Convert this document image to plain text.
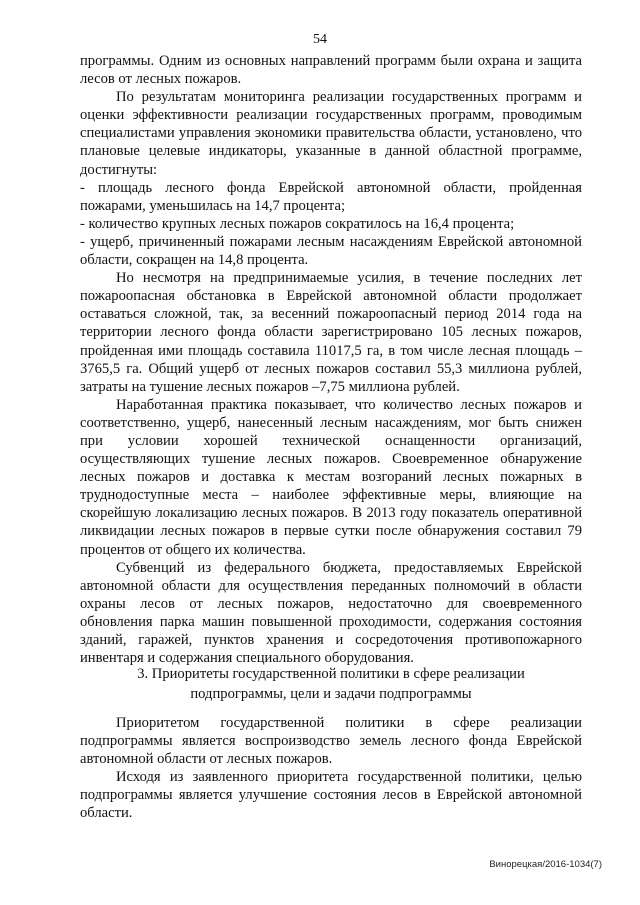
54

программы. Одним из основных направлений программ были охрана и защита лесов от лесных пожаров.

По результатам мониторинга реализации государственных программ и оценки эффективности реализации государственных программ, проводимым специалистами управления экономики правительства области, установлено, что плановые целевые индикаторы, указанные в данной областной программе, достигнуты:

- площадь лесного фонда Еврейской автономной области, пройденная пожарами, уменьшилась на 14,7 процента;

- количество крупных лесных пожаров сократилось на 16,4 процента;

- ущерб, причиненный пожарами лесным насаждениям Еврейской автономной области, сокращен на 14,8 процента.

Но несмотря на предпринимаемые усилия, в течение последних лет пожароопасная обстановка в Еврейской автономной области продолжает оставаться сложной, так, за весенний пожароопасный период 2014 года на территории лесного фонда области зарегистрировано 105 лесных пожаров, пройденная ими площадь составила 11017,5 га, в том числе лесная площадь – 3765,5 га. Общий ущерб от лесных пожаров составил 55,3 миллиона рублей, затраты на тушение лесных пожаров –7,75 миллиона рублей.

Наработанная практика показывает, что количество лесных пожаров и соответственно, ущерб, нанесенный лесным насаждениям, мог быть снижен при условии хорошей технической оснащенности организаций, осуществляющих тушение лесных пожаров. Своевременное обнаружение лесных пожаров и доставка к местам возгораний лесных пожарных в труднодоступные места – наиболее эффективные меры, влияющие на скорейшую локализацию лесных пожаров. В 2013 году показатель оперативной ликвидации лесных пожаров в первые сутки после обнаружения составил 79 процентов от общего их количества.

Субвенций из федерального бюджета, предоставляемых Еврейской автономной области для осуществления переданных полномочий в области охраны лесов от лесных пожаров, недостаточно для своевременного обновления парка машин повышенной проходимости, содержания состояния зданий, гаражей, пунктов хранения и сосредоточения противопожарного инвентаря и содержания специального оборудования.

3. Приоритеты государственной политики в сфере реализации
подпрограммы, цели и задачи подпрограммы

Приоритетом государственной политики в сфере реализации подпрограммы является воспроизводство земель лесного фонда Еврейской автономной области от лесных пожаров.

Исходя из заявленного приоритета государственной политики, целью подпрограммы является улучшение состояния лесов в Еврейской автономной области.

Винорецкая/2016-1034(7)
